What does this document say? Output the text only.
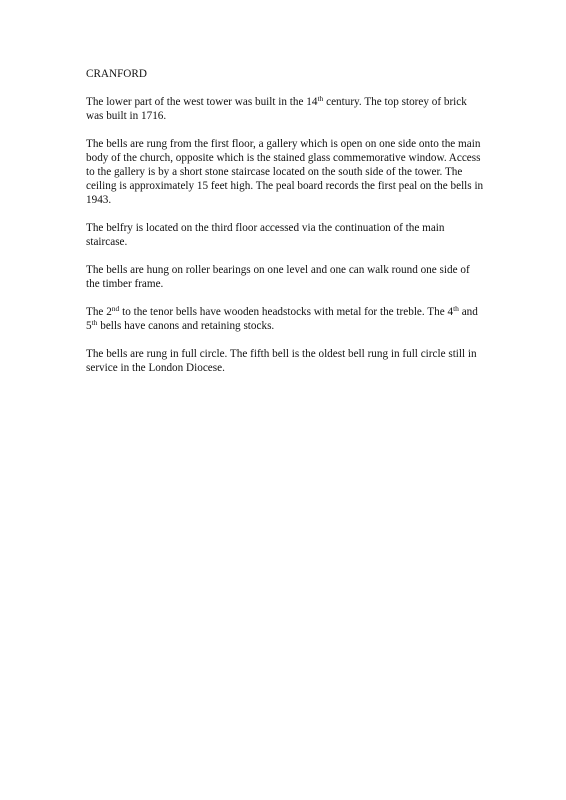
CRANFORD

The lower part of the west tower was built in the 14th century. The top storey of brick was built in 1716.

The bells are rung from the first floor, a gallery which is open on one side onto the main body of the church, opposite which is the stained glass commemorative window. Access to the gallery is by a short stone staircase located on the south side of the tower. The ceiling is approximately 15 feet high. The peal board records the first peal on the bells in 1943.

The belfry is located on the third floor accessed via the continuation of the main staircase.

The bells are hung on roller bearings on one level and one can walk round one side of the timber frame.

The 2nd to the tenor bells have wooden headstocks with metal for the treble. The 4th and 5th bells have canons and retaining stocks.

The bells are rung in full circle. The fifth bell is the oldest bell rung in full circle still in service in the London Diocese.
